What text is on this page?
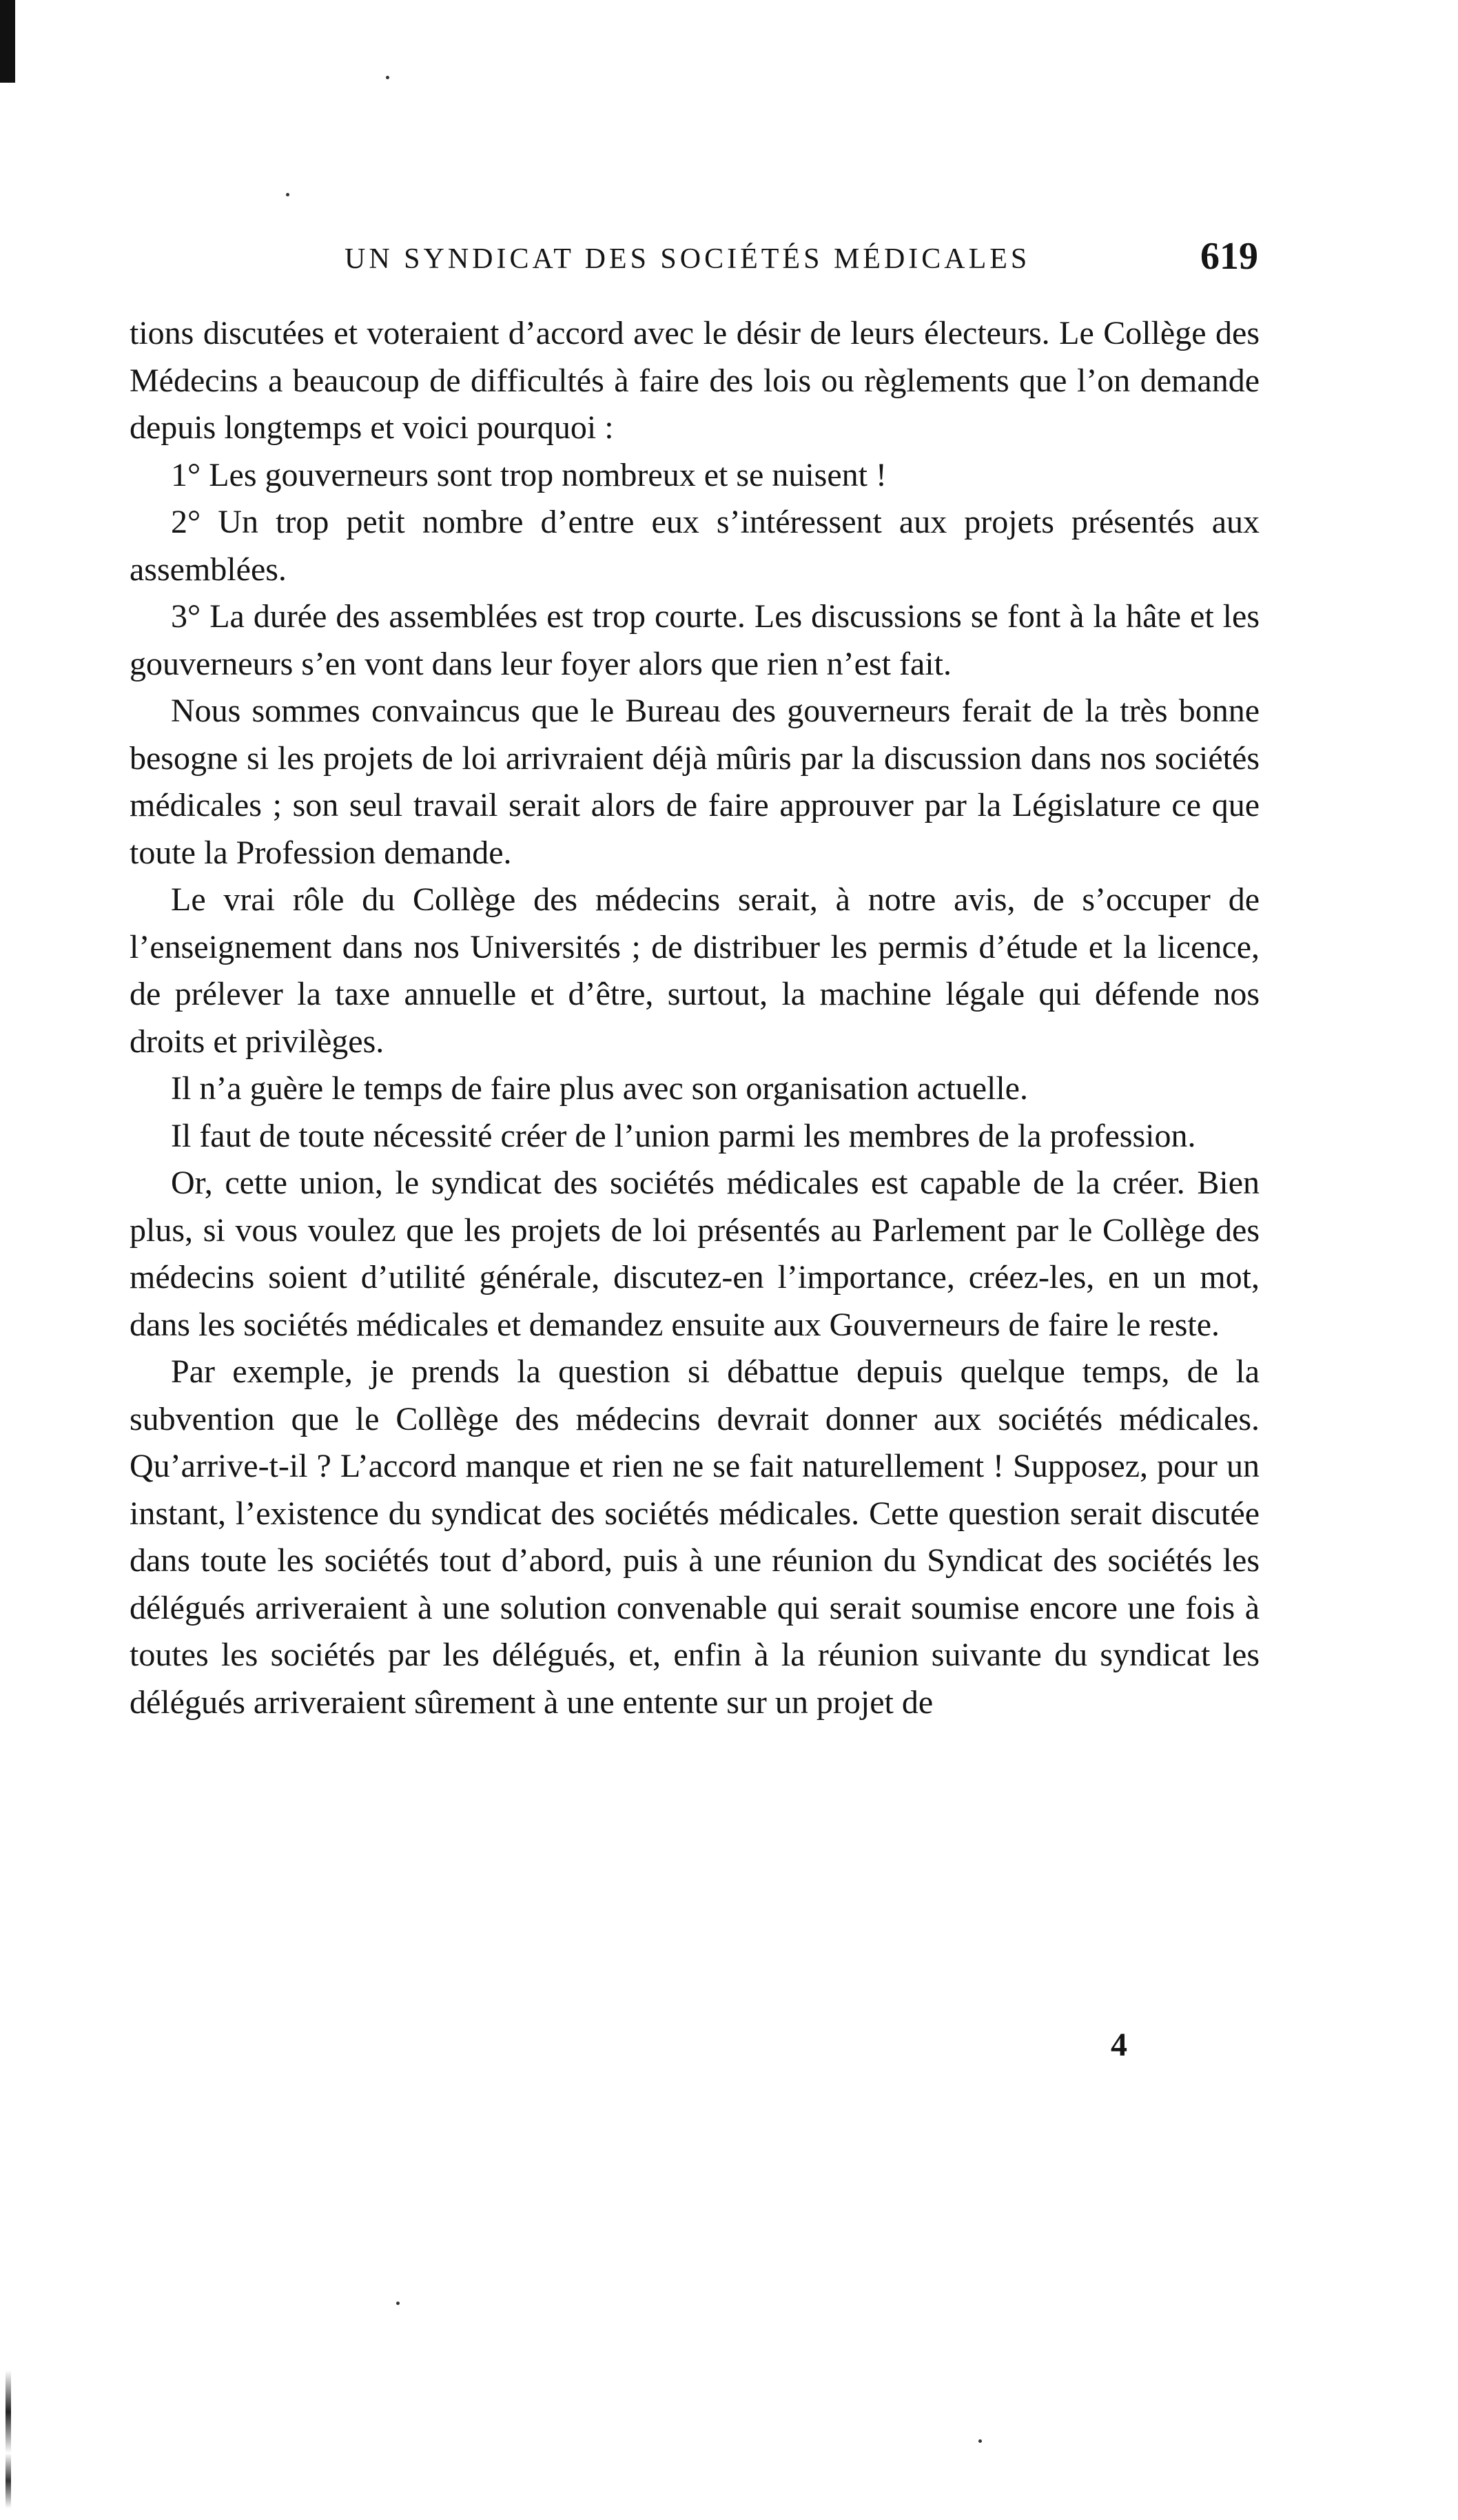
UN SYNDICAT DES SOCIÉTÉS MÉDICALES	619

tions discutées et voteraient d’accord avec le désir de leurs électeurs. Le Collège des Médecins a beaucoup de difficultés à faire des lois ou règlements que l’on demande depuis longtemps et voici pourquoi :

1° Les gouverneurs sont trop nombreux et se nuisent !

2° Un trop petit nombre d’entre eux s’intéressent aux projets présentés aux assemblées.

3° La durée des assemblées est trop courte. Les discussions se font à la hâte et les gouverneurs s’en vont dans leur foyer alors que rien n’est fait.

Nous sommes convaincus que le Bureau des gouverneurs ferait de la très bonne besogne si les projets de loi arrivraient déjà mûris par la discussion dans nos sociétés médicales ; son seul travail serait alors de faire approuver par la Législature ce que toute la Profession demande.

Le vrai rôle du Collège des médecins serait, à notre avis, de s’occuper de l’enseignement dans nos Universités ; de distribuer les permis d’étude et la licence, de prélever la taxe annuelle et d’être, surtout, la machine légale qui défende nos droits et privilèges.

Il n’a guère le temps de faire plus avec son organisation actuelle.

Il faut de toute nécessité créer de l’union parmi les membres de la profession.

Or, cette union, le syndicat des sociétés médicales est capable de la créer. Bien plus, si vous voulez que les projets de loi présentés au Parlement par le Collège des médecins soient d’utilité générale, discutez-en l’importance, créez-les, en un mot, dans les sociétés médicales et demandez ensuite aux Gouverneurs de faire le reste.

Par exemple, je prends la question si débattue depuis quelque temps, de la subvention que le Collège des médecins devrait donner aux sociétés médicales. Qu’arrive-t-il ? L’accord manque et rien ne se fait naturellement ! Supposez, pour un instant, l’existence du syndicat des sociétés médicales. Cette question serait discutée dans toute les sociétés tout d’abord, puis à une réunion du Syndicat des sociétés les délégués arriveraient à une solution convenable qui serait soumise encore une fois à toutes les sociétés par les délégués, et, enfin à la réunion suivante du syndicat les délégués arriveraient sûrement à une entente sur un projet de

4
